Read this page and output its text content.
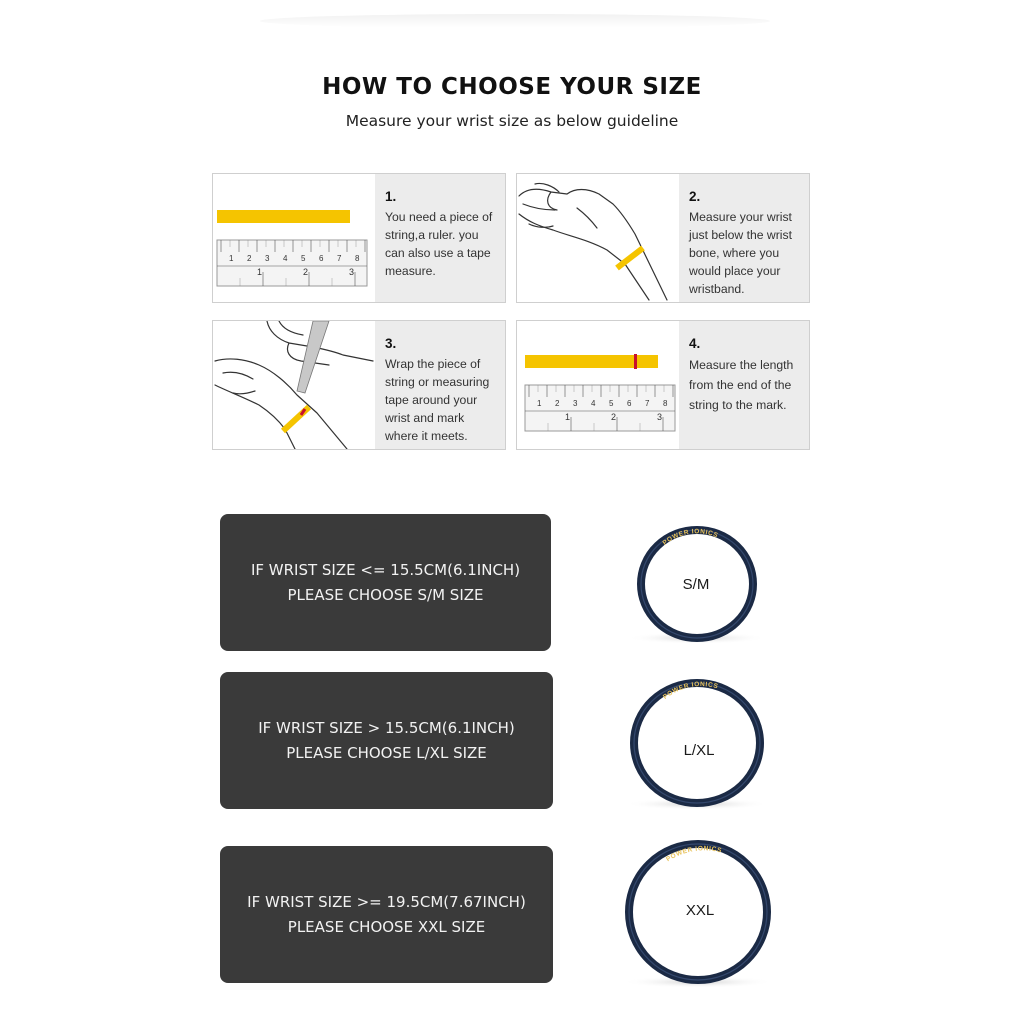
HOW TO CHOOSE YOUR SIZE
Measure your wrist size as below guideline
1 2 3 4 5 6 7 8
1	2	3
1.
You need a piece of string,a ruler. you can also use a tape measure.
2.
Measure your wrist just below the wrist bone, where you would place your wristband.
3.
Wrap the piece of string or measuring tape around your wrist and mark where it meets.
1 2 3 4 5 6 7 8
1	2	3
4.
Measure the length from the end of the string to the mark.
IF WRIST SIZE <= 15.5CM(6.1INCH)
PLEASE CHOOSE S/M SIZE
IF WRIST SIZE > 15.5CM(6.1INCH)
PLEASE CHOOSE L/XL SIZE
IF WRIST SIZE >= 19.5CM(7.67INCH)
PLEASE CHOOSE XXL SIZE
POWER IONICS
S/M
POWER IONICS
L/XL
POWER IONICS
XXL
